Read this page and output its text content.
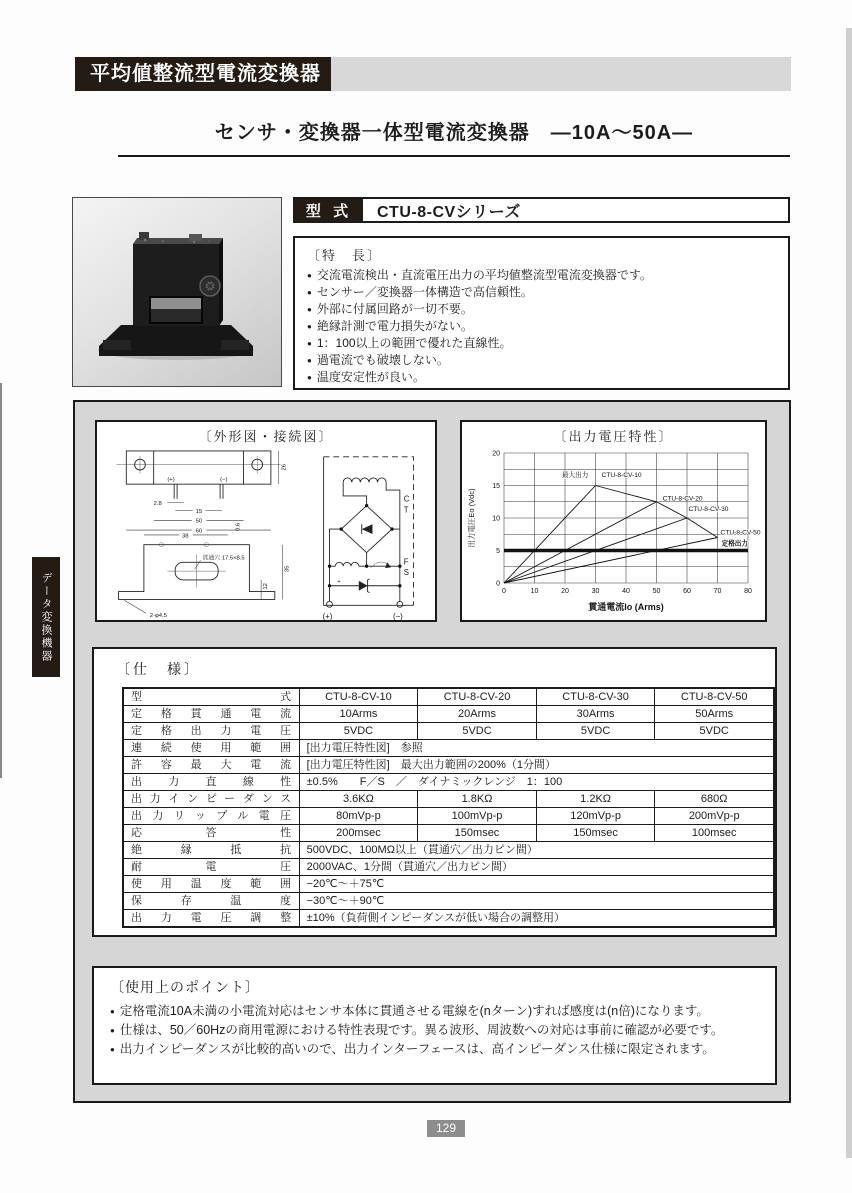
平均値整流型電流変換器
センサ・変換器一体型電流変換器　―10A～50A―
型 式	CTU-8-CVシリーズ
〔特　長〕
● 交流電流検出・直流電圧出力の平均値整流型電流変換器です。
● センサー／変換器一体構造で高信頼性。
● 外部に付属回路が一切不要。
● 絶縁計測で電力損失がない。
● 1：100以上の範囲で優れた直線性。
● 過電流でも破壊しない。
● 温度安定性が良い。
〔外形図・接続図〕
(+)	(−)
2.8
15
50
60
26
38
0.6
35
12
貫通穴 17.5×8.5
2-φ4.5
+
C
T
F
S
(+)	(−)
〔出力電圧特性〕
0	10	20	30	40	50	60	70	80
0
5
10
15
20
最大出力 CTU-8-CV-10
CTU-8-CV-20
CTU-8-CV-30
CTU-8-CV-50
定格出力
出力電圧Eo (Vdc)
貫通電流Io (Arms)
〔仕　様〕
型式	CTU-8-CV-10	CTU-8-CV-20	CTU-8-CV-30	CTU-8-CV-50
定格貫通電流	10Arms	20Arms	30Arms	50Arms
定格出力電圧	5VDC	5VDC	5VDC	5VDC
連続使用範囲	[出力電圧特性図]　参照			
許容最大電流	[出力電圧特性図]　最大出力範囲の200%（1分間）			
出力直線性	±0.5%　　F／S　／　ダイナミックレンジ　1：100			
出力インピーダンス	3.6KΩ	1.8KΩ	1.2KΩ	680Ω
出力リップル電圧	80mVp-p	100mVp-p	120mVp-p	200mVp-p
応答性	200msec	150msec	150msec	100msec
絶縁抵抗	500VDC、100MΩ以上（貫通穴／出力ピン間）			
耐電圧	2000VAC、1分間（貫通穴／出力ピン間）			
使用温度範囲	−20℃～＋75℃			
保存温度	−30℃～＋90℃			
出力電圧調整	±10%（負荷側インピーダンスが低い場合の調整用）			
〔使用上のポイント〕
● 定格電流10A未満の小電流対応はセンサ本体に貫通させる電線を(nターン)すれば感度は(n倍)になります。
● 仕様は、50／60Hzの商用電源における特性表現です。異る波形、周波数への対応は事前に確認が必要です。
● 出力インピーダンスが比較的高いので、出力インターフェースは、高インピーダンス仕様に限定されます。
データ変換機器
129
